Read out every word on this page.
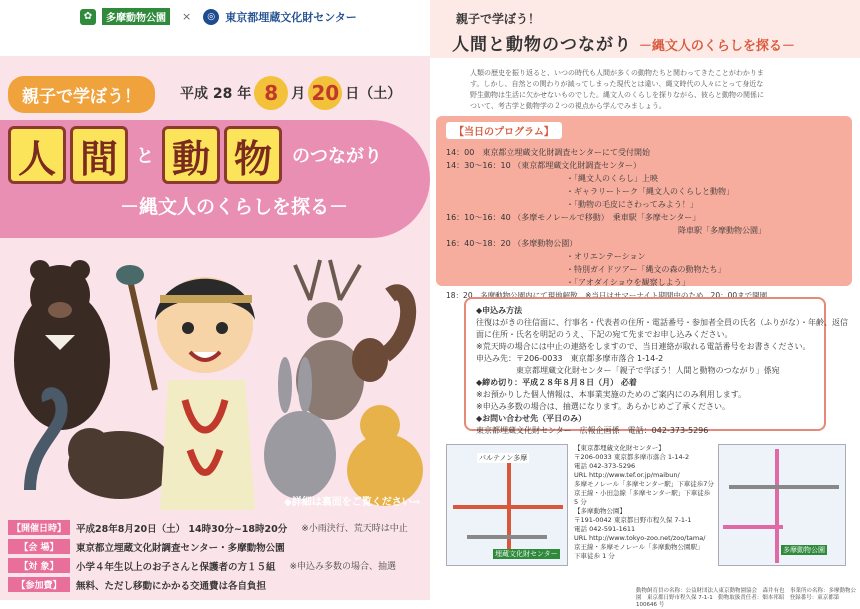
✿	多摩動物公園	×	◎ 東京都埋蔵文化財センター
親子で学ぼう！	平成 28 年 8 月 20 日（土）
人 間	と 動 物	のつながり
－縄文人のくらしを探る－
◆詳細は裏面をご覧ください→
【開催日時】	平成28年8月20日（土） 14時30分~18時20分 ※小雨決行、荒天時は中止
【会 場】	東京都立埋蔵文化財調査センター・多摩動物公園
【対 象】	小学４年生以上のお子さんと保護者の方１５組 ※申込み多数の場合、抽選
【参加費】	無料、ただし移動にかかる交通費は各自負担
親子で学ぼう！
人間と動物のつながり －縄文人のくらしを探る－
人類の歴史を振り返ると、いつの時代も人間が多くの動物たちと関わってきたことがわかります。しかし、自然との関わりが減ってしまった現代とは違い、縄文時代の人々にとって身近な野生動物は生活に欠かせないものでした。縄文人のくらしを探りながら、彼らと動物の関係について、考古学と動物学の２つの視点から学んでみましょう。
【当日のプログラム】
14：00　東京都立埋蔵文化財調査センターにて受付開始
14：30～16：10 （東京都埋蔵文化財調査センター）
・「縄文人のくらし」上映
・ギャラリートーク「縄文人のくらしと動物」
・「動物の毛皮にさわってみよう！」
16：10～16：40 （多摩モノレールで移動）　乗車駅「多摩センター」
降車駅「多摩動物公園」
16：40～18：20 （多摩動物公園）
・オリエンテーション
・特別ガイドツアー「縄文の森の動物たち」
・「アオダイショウを観察しよう」
18：20　多摩動物公園内にて現地解散　※当日はサマーナイト期間中のため、20：00まで開園
◆申込み方法
往復はがきの往信面に、行事名・代表者の住所・電話番号・参加者全員の氏名（ふりがな）・年齢、返信
面に住所・氏名を明記のうえ、下記の宛て先までお申し込みください。
※荒天時の場合には中止の連絡をしますので、当日連絡が取れる電話番号をお書きください。
申込み先：〒206-0033　東京都多摩市落合 1-14-2
東京都埋蔵文化財センター「親子で学ぼう！人間と動物のつながり」係宛
◆締め切り：平成２８年８月８日（月） 必着
※お預かりした個人情報は、本事業実施のためのご案内にのみ利用します。
※申込み多数の場合は、抽選になります。あらかじめご了承ください。
◆お問い合わせ先（平日のみ）
東京都埋蔵文化財センター　広報企画係　電話：042-373-5296
パルテノン多摩
埋蔵文化財センター
【東京都埋蔵文化財センター】
〒206-0033 東京都多摩市落合 1-14-2
電話 042-373-5296
URL http://www.tef.or.jp/maibun/
多摩モノレール「多摩センター駅」下車徒歩7分
京王線・小田急線「多摩センター駅」下車徒歩 5 分
【多摩動物公園】
〒191-0042 東京都日野市程久保 7-1-1
電話 042-591-1611
URL http://www.tokyo-zoo.net/zoo/tama/
京王線・多摩モノレール「多摩動物公園駅」
下車徒歩 1 分
多摩動物公園
動物飼育員の名称：公益財団法人東京動物園協会　森井有也　事業所の名称：多摩動物公園　東京都日野市程久保 7-1-1　動物取扱責任者：畑本邦昭　登録番号：東京都第 100646 号
